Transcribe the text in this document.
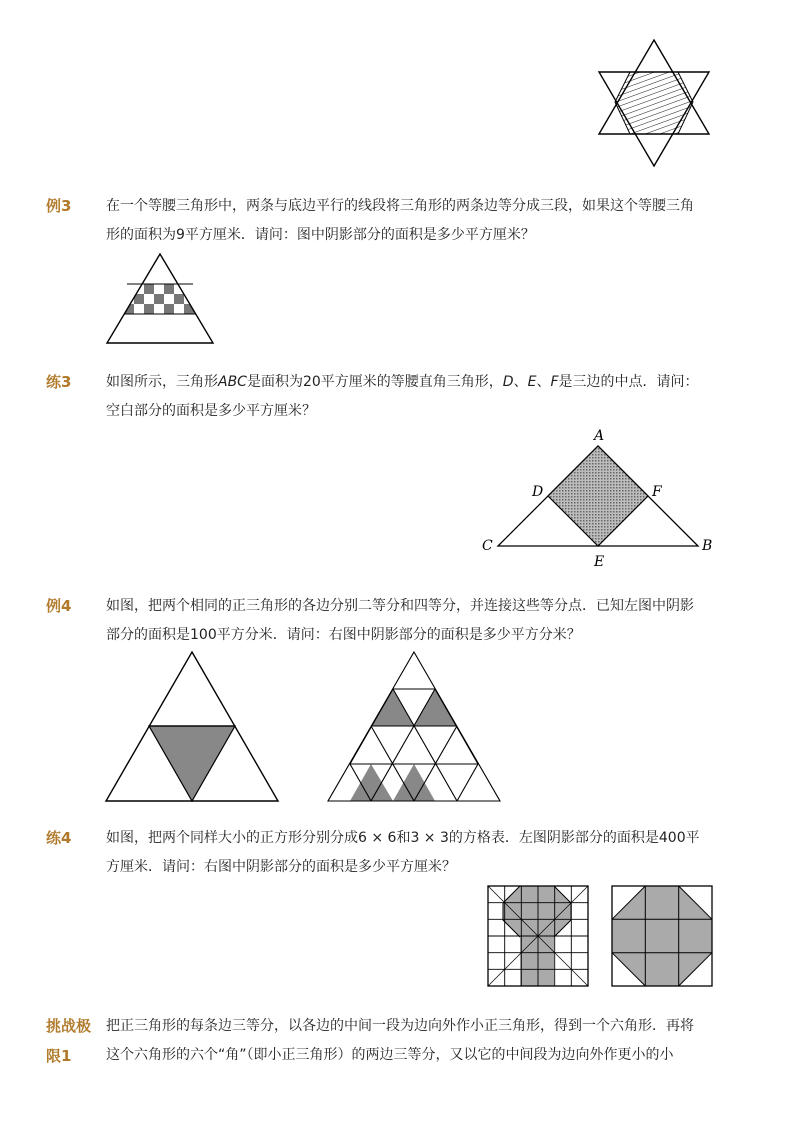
例3 在一个等腰三角形中，两条与底边平行的线段将三角形的两条边等分成三段，如果这个等腰三角
形的面积为9平方厘米．请问：图中阴影部分的面积是多少平方厘米？
练3 如图所示，三角形ABC是面积为20平方厘米的等腰直角三角形，D、E、F是三边的中点．请问：
空白部分的面积是多少平方厘米？
A
B
C
D
E
F
例4 如图，把两个相同的正三角形的各边分别二等分和四等分，并连接这些等分点．已知左图中阴影
部分的面积是100平方分米．请问：右图中阴影部分的面积是多少平方分米？
练4 如图，把两个同样大小的正方形分别分成6 × 6和3 × 3的方格表．左图阴影部分的面积是400平
方厘米．请问：右图中阴影部分的面积是多少平方厘米？
挑战极
限1
把正三角形的每条边三等分，以各边的中间一段为边向外作小正三角形，得到一个六角形．再将
这个六角形的六个“角”（即小正三角形）的两边三等分，又以它的中间段为边向外作更小的小
